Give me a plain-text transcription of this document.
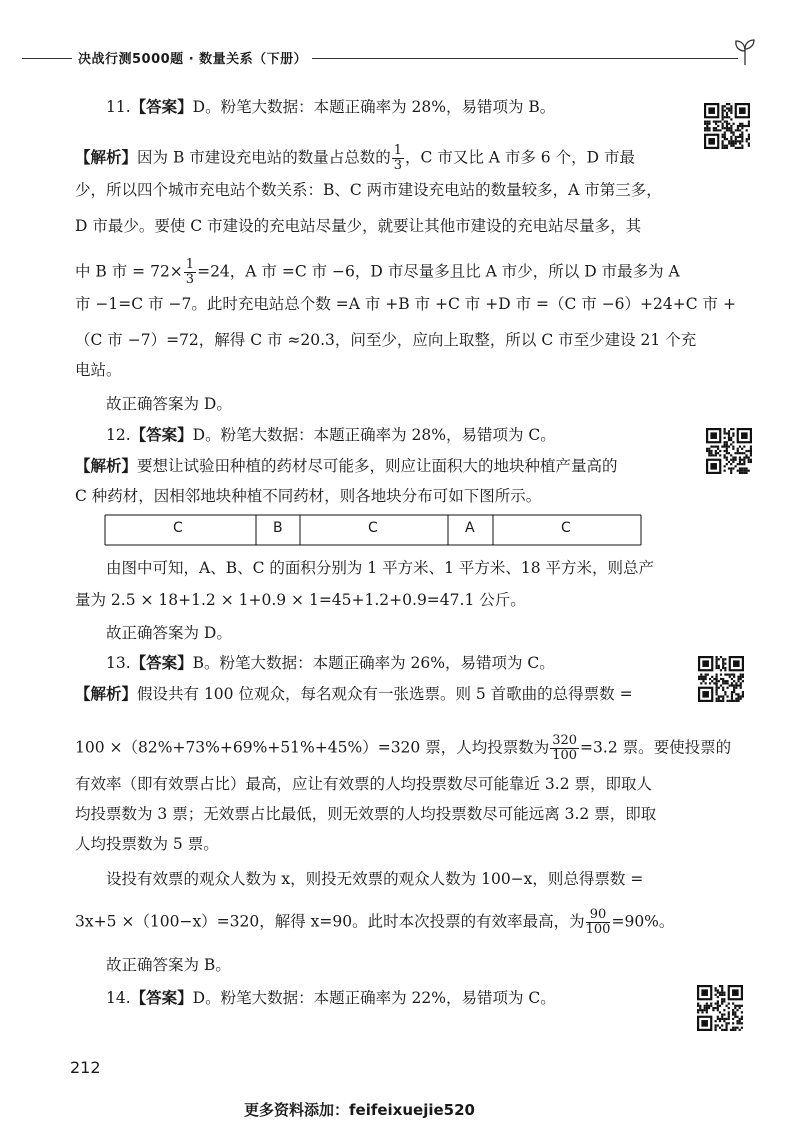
决战行测5000题 · 数量关系（下册）
11.【答案】D。粉笔大数据：本题正确率为 28%，易错项为 B。
【解析】因为 B 市建设充电站的数量占总数的 $\frac{1}{3}$ ，C 市又比 A 市多 6 个，D 市最
少，所以四个城市充电站个数关系：B、C 两市建设充电站的数量较多，A 市第三多，
D 市最少。要使 C 市建设的充电站尽量少，就要让其他市建设的充电站尽量多，其
中 B 市 = $72\times \frac{1}{3} =24$，A 市 =C 市 −6，D 市尽量多且比 A 市少，所以 D 市最多为 A
市 −1=C 市 −7。此时充电站总个数 =A 市 +B 市 +C 市 +D 市 =（C 市 −6）+24+C 市 +
（C 市 −7）=72，解得 C 市 ≈20.3，问至少，应向上取整，所以 C 市至少建设 21 个充
电站。
故正确答案为 D。
12.【答案】D。粉笔大数据：本题正确率为 28%，易错项为 C。
【解析】要想让试验田种植的药材尽可能多，则应让面积大的地块种植产量高的
C 种药材，因相邻地块种植不同药材，则各地块分布可如下图所示。
C	B	C	A	C
由图中可知，A、B、C 的面积分别为 1 平方米、1 平方米、18 平方米，则总产
量为 2.5 × 18+1.2 × 1+0.9 × 1=45+1.2+0.9=47.1 公斤。
故正确答案为 D。
13.【答案】B。粉笔大数据：本题正确率为 26%，易错项为 C。
【解析】假设共有 100 位观众，每名观众有一张选票。则 5 首歌曲的总得票数 =
100 ×（82%+73%+69%+51%+45%）=320 票，人均投票数为 $\frac{320}{100} =3.2$ 票。要使投票的
有效率（即有效票占比）最高，应让有效票的人均投票数尽可能靠近 3.2 票，即取人
均投票数为 3 票；无效票占比最低，则无效票的人均投票数尽可能远离 3.2 票，即取
人均投票数为 5 票。
设投有效票的观众人数为 x，则投无效票的观众人数为 100−x，则总得票数 =
3x+5 ×（100−x）=320，解得 x=90。此时本次投票的有效率最高，为 $\frac{90}{100} =90\%$。
故正确答案为 B。
14.【答案】D。粉笔大数据：本题正确率为 22%，易错项为 C。
212
更多资料添加：feifeixuejie520
